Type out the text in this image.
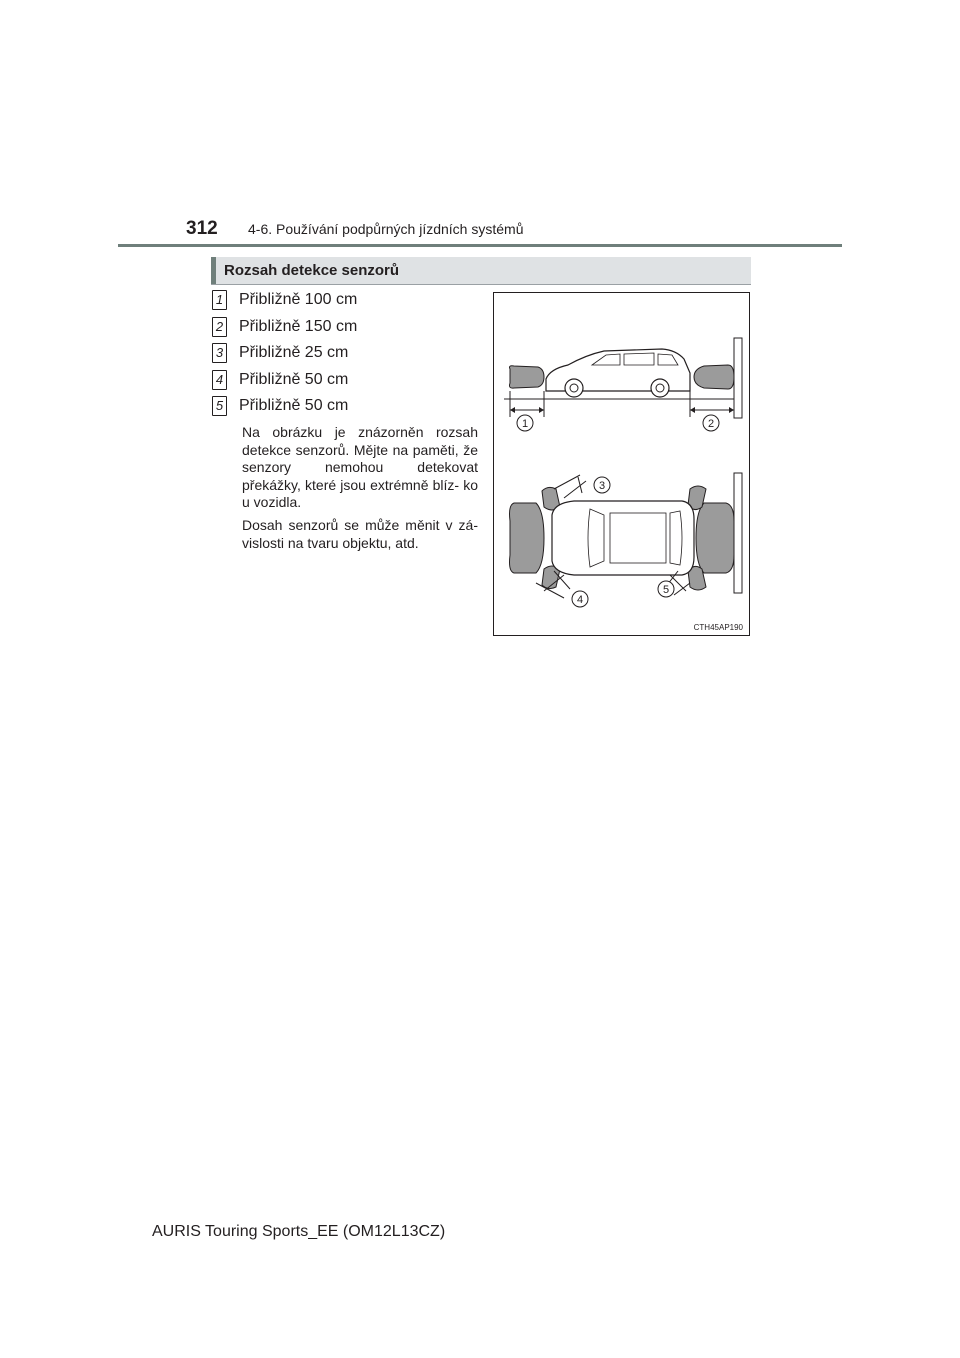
312 4-6. Používání podpůrných jízdních systémů
Rozsah detekce senzorů
1 Přibližně 100 cm
2 Přibližně 150 cm
3 Přibližně 25 cm
4 Přibližně 50 cm
5 Přibližně 50 cm
Na obrázku je znázorněn rozsah detekce senzorů. Mějte na paměti, že senzory nemohou detekovat překážky, které jsou extrémně blíz- ko u vozidla.
Dosah senzorů se může měnit v zá- vislosti na tvaru objektu, atd.
1	2
3
4
5
CTH45AP190
AURIS Touring Sports_EE (OM12L13CZ)
